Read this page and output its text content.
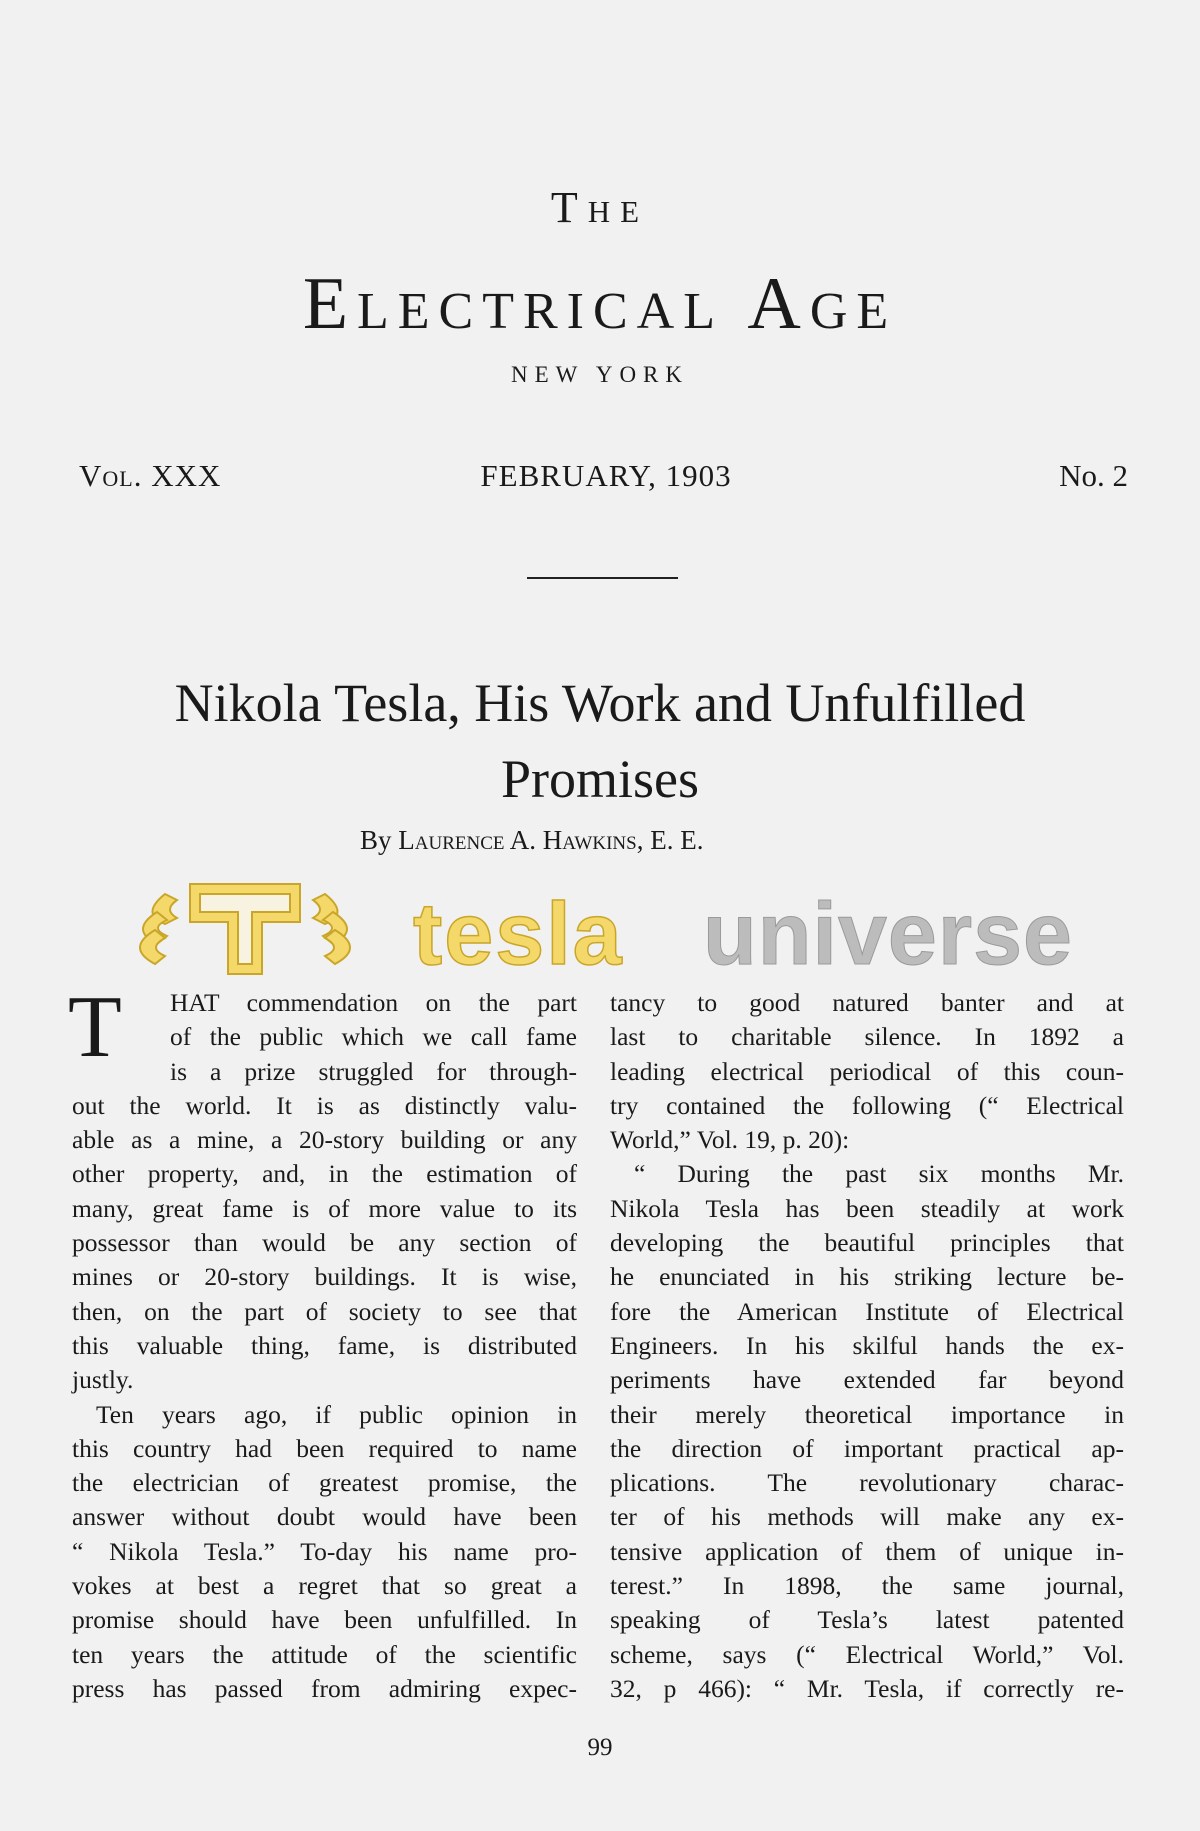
The
Electrical Age
NEW YORK
Vol. XXX	FEBRUARY, 1903	No. 2
Nikola Tesla, His Work and Unfulfilled
Promises
By Laurence A. Hawkins, E. E.
tesla universe
T HAT commendation on the part
of the public which we call fame
is a prize struggled for through-
out the world. It is as distinctly valu-
able as a mine, a 20-story building or any
other property, and, in the estimation of
many, great fame is of more value to its
possessor than would be any section of
mines or 20-story buildings. It is wise,
then, on the part of society to see that
this valuable thing, fame, is distributed
justly.
Ten years ago, if public opinion in
this country had been required to name
the electrician of greatest promise, the
answer without doubt would have been
“ Nikola Tesla.” To-day his name pro-
vokes at best a regret that so great a
promise should have been unfulfilled. In
ten years the attitude of the scientific
press has passed from admiring expec-
tancy to good natured banter and at
last to charitable silence. In 1892 a
leading electrical periodical of this coun-
try contained the following (“ Electrical
World,” Vol. 19, p. 20):
“ During the past six months Mr.
Nikola Tesla has been steadily at work
developing the beautiful principles that
he enunciated in his striking lecture be-
fore the American Institute of Electrical
Engineers. In his skilful hands the ex-
periments have extended far beyond
their merely theoretical importance in
the direction of important practical ap-
plications. The revolutionary charac-
ter of his methods will make any ex-
tensive application of them of unique in-
terest.” In 1898, the same journal,
speaking of Tesla’s latest patented
scheme, says (“ Electrical World,” Vol.
32, p 466): “ Mr. Tesla, if correctly re-
99
